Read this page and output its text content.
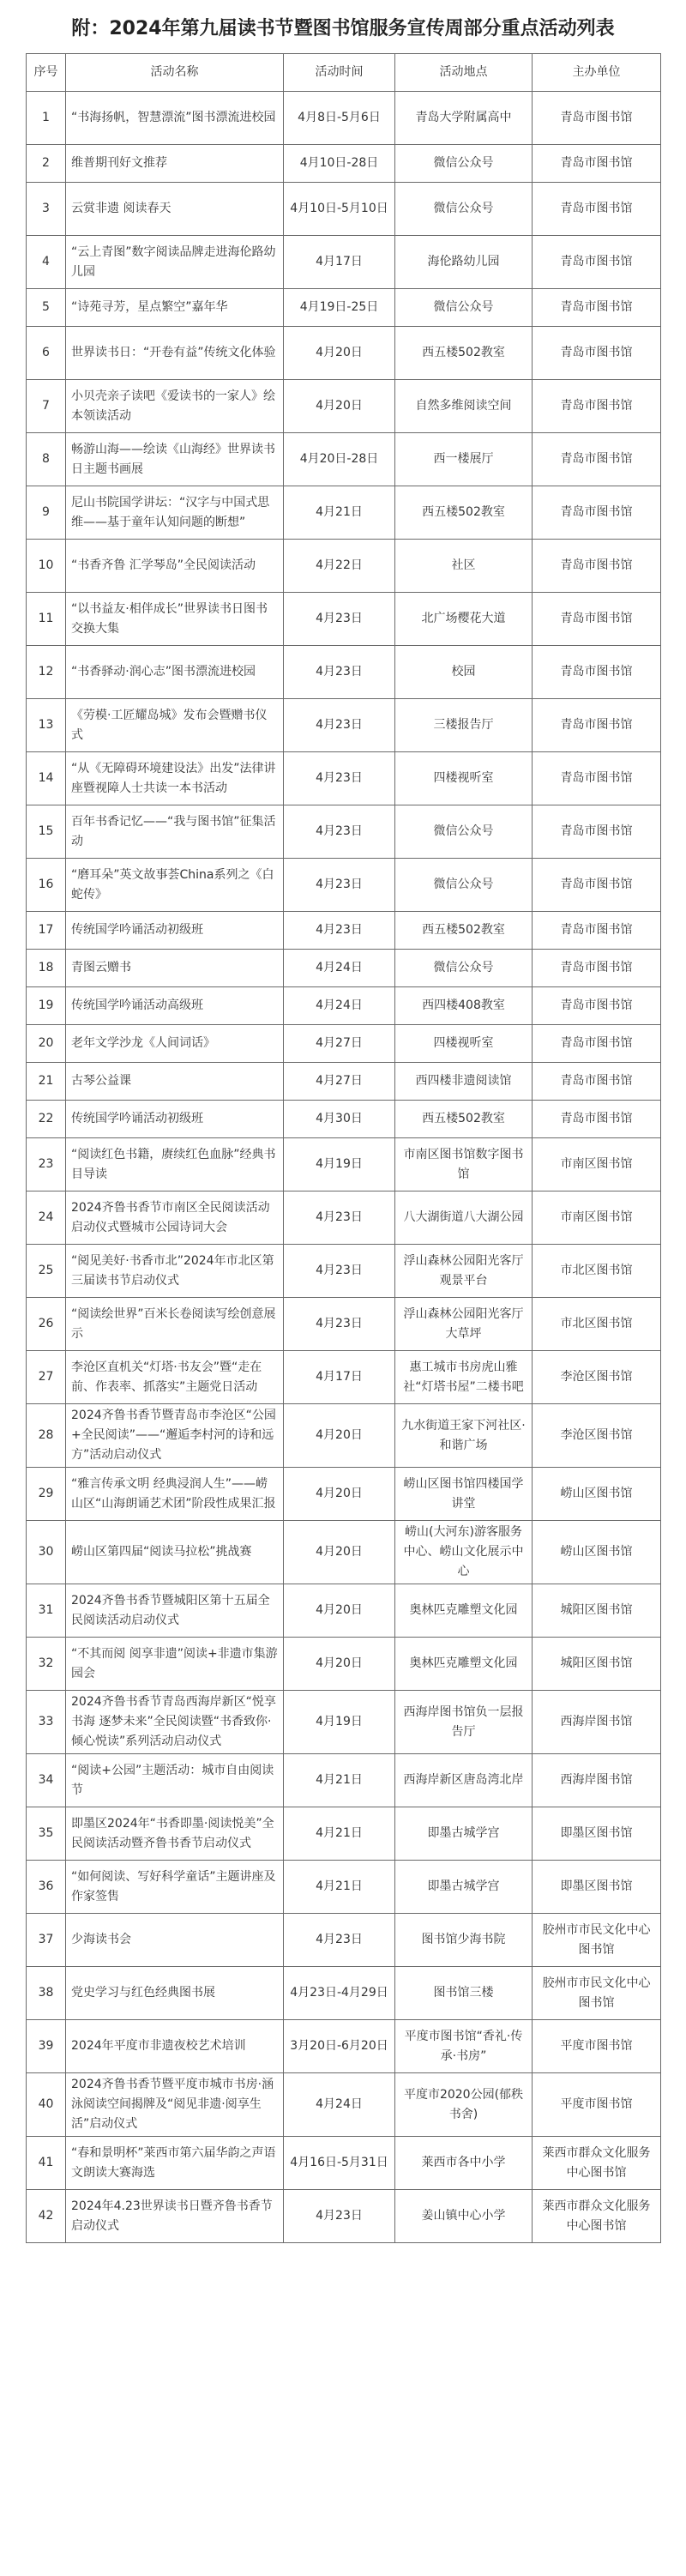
附：2024年第九届读书节暨图书馆服务宣传周部分重点活动列表
序号	活动名称	活动时间	活动地点	主办单位
1	“书海扬帆，智慧漂流”图书漂流进校园	4月8日-5月6日	青岛大学附属高中	青岛市图书馆
2	维普期刊好文推荐	4月10日-28日	微信公众号	青岛市图书馆
3	云赏非遗 阅读春天	4月10日-5月10日	微信公众号	青岛市图书馆
4	“云上青图”数字阅读品牌走进海伦路幼儿园	4月17日	海伦路幼儿园	青岛市图书馆
5	“诗苑寻芳，星点繁空”嘉年华	4月19日-25日	微信公众号	青岛市图书馆
6	世界读书日：“开卷有益”传统文化体验	4月20日	西五楼502教室	青岛市图书馆
7	小贝壳亲子读吧《爱读书的一家人》绘本领读活动	4月20日	自然多维阅读空间	青岛市图书馆
8	畅游山海——绘读《山海经》世界读书日主题书画展	4月20日-28日	西一楼展厅	青岛市图书馆
9	尼山书院国学讲坛：“汉字与中国式思维——基于童年认知问题的断想”	4月21日	西五楼502教室	青岛市图书馆
10	“书香齐鲁 汇学琴岛”全民阅读活动	4月22日	社区	青岛市图书馆
11	“以书益友·相伴成长”世界读书日图书交换大集	4月23日	北广场樱花大道	青岛市图书馆
12	“书香驿动·润心志”图书漂流进校园	4月23日	校园	青岛市图书馆
13	《劳模·工匠耀岛城》发布会暨赠书仪式	4月23日	三楼报告厅	青岛市图书馆
14	“从《无障碍环境建设法》出发”法律讲座暨视障人士共读一本书活动	4月23日	四楼视听室	青岛市图书馆
15	百年书香记忆——“我与图书馆”征集活动	4月23日	微信公众号	青岛市图书馆
16	“磨耳朵”英文故事荟China系列之《白蛇传》	4月23日	微信公众号	青岛市图书馆
17	传统国学吟诵活动初级班	4月23日	西五楼502教室	青岛市图书馆
18	青图云赠书	4月24日	微信公众号	青岛市图书馆
19	传统国学吟诵活动高级班	4月24日	西四楼408教室	青岛市图书馆
20	老年文学沙龙《人间词话》	4月27日	四楼视听室	青岛市图书馆
21	古琴公益课	4月27日	西四楼非遗阅读馆	青岛市图书馆
22	传统国学吟诵活动初级班	4月30日	西五楼502教室	青岛市图书馆
23	“阅读红色书籍，赓续红色血脉”经典书目导读	4月19日	市南区图书馆数字图书馆	市南区图书馆
24	2024齐鲁书香节市南区全民阅读活动启动仪式暨城市公园诗词大会	4月23日	八大湖街道八大湖公园	市南区图书馆
25	“阅见美好·书香市北”2024年市北区第三届读书节启动仪式	4月23日	浮山森林公园阳光客厅观景平台	市北区图书馆
26	“阅读绘世界”百米长卷阅读写绘创意展示	4月23日	浮山森林公园阳光客厅大草坪	市北区图书馆
27	李沧区直机关“灯塔·书友会”暨“走在前、作表率、抓落实”主题党日活动	4月17日	惠工城市书房虎山雅社“灯塔书屋”二楼书吧	李沧区图书馆
28	2024齐鲁书香节暨青岛市李沧区“公园+全民阅读”——“邂逅李村河的诗和远方”活动启动仪式	4月20日	九水街道王家下河社区·和谐广场	李沧区图书馆
29	“雅言传承文明 经典浸润人生”——崂山区“山海朗诵艺术团”阶段性成果汇报	4月20日	崂山区图书馆四楼国学讲堂	崂山区图书馆
30	崂山区第四届“阅读马拉松”挑战赛	4月20日	崂山(大河东)游客服务中心、崂山文化展示中心	崂山区图书馆
31	2024齐鲁书香节暨城阳区第十五届全民阅读活动启动仪式	4月20日	奥林匹克雕塑文化园	城阳区图书馆
32	“不其而阅 阅享非遗”阅读+非遗市集游园会	4月20日	奥林匹克雕塑文化园	城阳区图书馆
33	2024齐鲁书香节青岛西海岸新区“悦享书海 逐梦未来”全民阅读暨“书香致你·倾心悦读”系列活动启动仪式	4月19日	西海岸图书馆负一层报告厅	西海岸图书馆
34	“阅读+公园”主题活动：城市自由阅读节	4月21日	西海岸新区唐岛湾北岸	西海岸图书馆
35	即墨区2024年“书香即墨·阅读悦美”全民阅读活动暨齐鲁书香节启动仪式	4月21日	即墨古城学宫	即墨区图书馆
36	“如何阅读、写好科学童话”主题讲座及作家签售	4月21日	即墨古城学宫	即墨区图书馆
37	少海读书会	4月23日	图书馆少海书院	胶州市市民文化中心图书馆
38	党史学习与红色经典图书展	4月23日-4月29日	图书馆三楼	胶州市市民文化中心图书馆
39	2024年平度市非遗夜校艺术培训	3月20日-6月20日	平度市图书馆“香礼·传承·书房”	平度市图书馆
40	2024齐鲁书香节暨平度市城市书房·涵泳阅读空间揭牌及“阅见非遗·阅享生活”启动仪式	4月24日	平度市2020公园(郁秩书舍)	平度市图书馆
41	“春和景明杯”莱西市第六届华韵之声语文朗读大赛海选	4月16日-5月31日	莱西市各中小学	莱西市群众文化服务中心图书馆
42	2024年4.23世界读书日暨齐鲁书香节启动仪式	4月23日	姜山镇中心小学	莱西市群众文化服务中心图书馆
